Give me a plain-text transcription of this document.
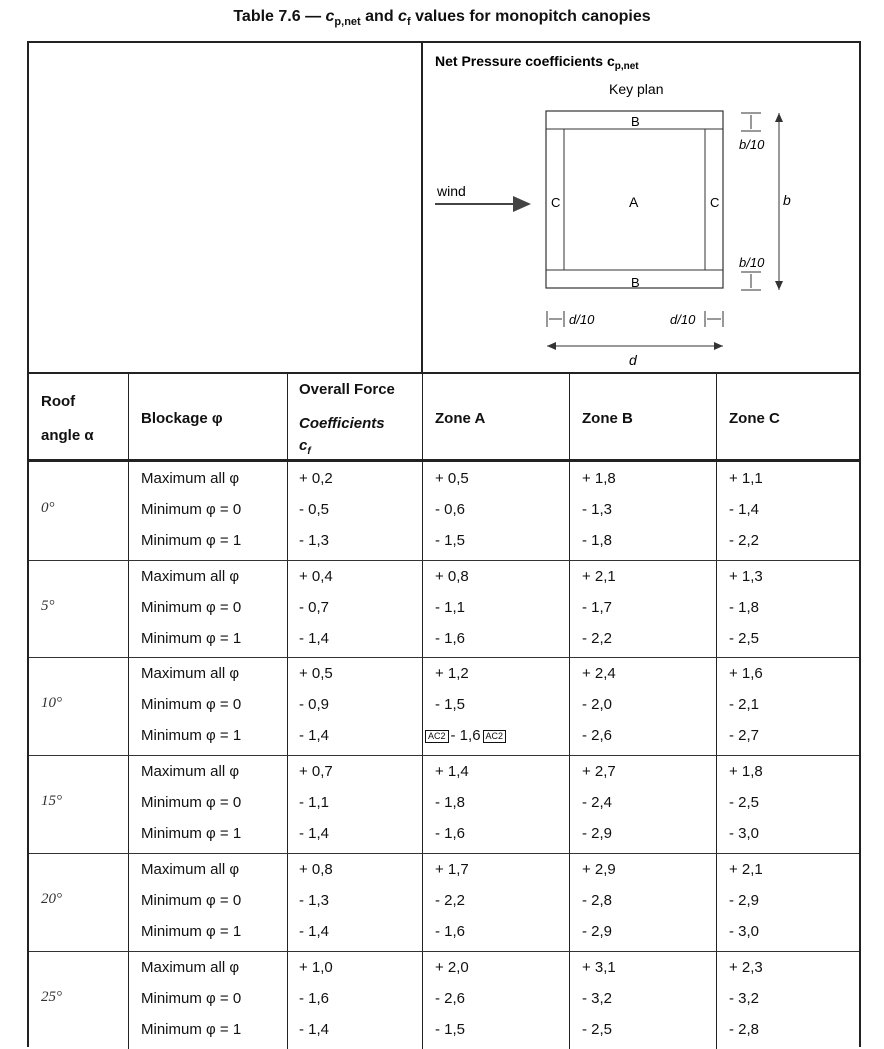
Table 7.6 — $c_{p,net}$ and $c_f$ values for monopitch canopies
Net Pressure coefficients $c_{p,net}$
Key plan
B
B
C	C
A
wind
b
b/10
b/10
d/10	d/10
d
Roof
angle α
Blockage φ
Overall Force
Coefficients
$c_f$
Zone A	Zone B	Zone C
0°
Maximum all φ	+ 0,2	+ 0,5	+ 1,8	+ 1,1
Minimum φ = 0	- 0,5	- 0,6	- 1,3	- 1,4
Minimum φ = 1	- 1,3	- 1,5	- 1,8	- 2,2
5°
Maximum all φ	+ 0,4	+ 0,8	+ 2,1	+ 1,3
Minimum φ = 0	- 0,7	- 1,1	- 1,7	- 1,8
Minimum φ = 1	- 1,4	- 1,6	- 2,2	- 2,5
10°
Maximum all φ	+ 0,5	+ 1,2	+ 2,4	+ 1,6
Minimum φ = 0	- 0,9	- 1,5	- 2,0	- 2,1
Minimum φ = 1	- 1,4	AC2 - 1,6 AC2	- 2,6	- 2,7
15°
Maximum all φ	+ 0,7	+ 1,4	+ 2,7	+ 1,8
Minimum φ = 0	- 1,1	- 1,8	- 2,4	- 2,5
Minimum φ = 1	- 1,4	- 1,6	- 2,9	- 3,0
20°
Maximum all φ	+ 0,8	+ 1,7	+ 2,9	+ 2,1
Minimum φ = 0	- 1,3	- 2,2	- 2,8	- 2,9
Minimum φ = 1	- 1,4	- 1,6	- 2,9	- 3,0
25°
Maximum all φ	+ 1,0	+ 2,0	+ 3,1	+ 2,3
Minimum φ = 0	- 1,6	- 2,6	- 3,2	- 3,2
Minimum φ = 1	- 1,4	- 1,5	- 2,5	- 2,8
